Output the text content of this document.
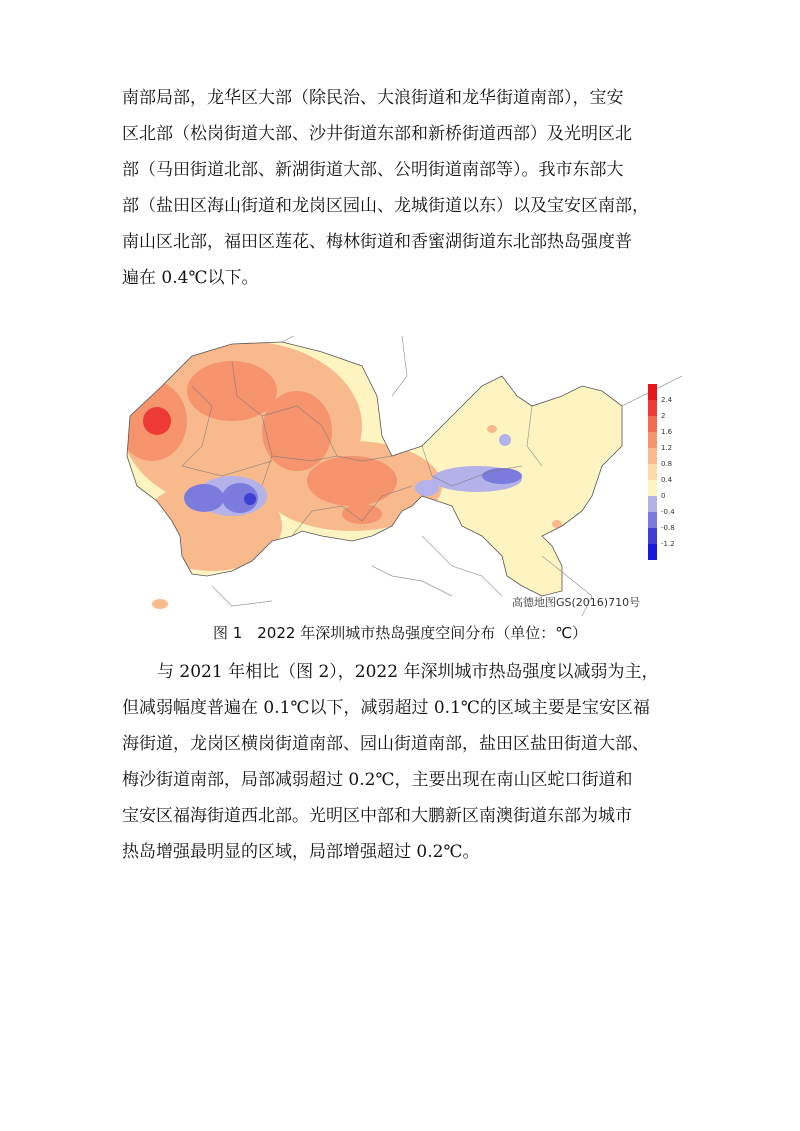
南部局部，龙华区大部（除民治、大浪街道和龙华街道南部），宝安

区北部（松岗街道大部、沙井街道东部和新桥街道西部）及光明区北

部（马田街道北部、新湖街道大部、公明街道南部等）。我市东部大

部（盐田区海山街道和龙岗区园山、龙城街道以东）以及宝安区南部，

南山区北部，福田区莲花、梅林街道和香蜜湖街道东北部热岛强度普

遍在 0.4℃以下。

2.4
2
1.6
1.2
0.8
0.4
0
-0.4
-0.8
-1.2
高德地图GS(2016)710号
图 1　2022 年深圳城市热岛强度空间分布（单位：℃）

与 2021 年相比（图 2），2022 年深圳城市热岛强度以减弱为主，

但减弱幅度普遍在 0.1℃以下，减弱超过 0.1℃的区域主要是宝安区福

海街道，龙岗区横岗街道南部、园山街道南部，盐田区盐田街道大部、

梅沙街道南部，局部减弱超过 0.2℃，主要出现在南山区蛇口街道和

宝安区福海街道西北部。光明区中部和大鹏新区南澳街道东部为城市

热岛增强最明显的区域，局部增强超过 0.2℃。
